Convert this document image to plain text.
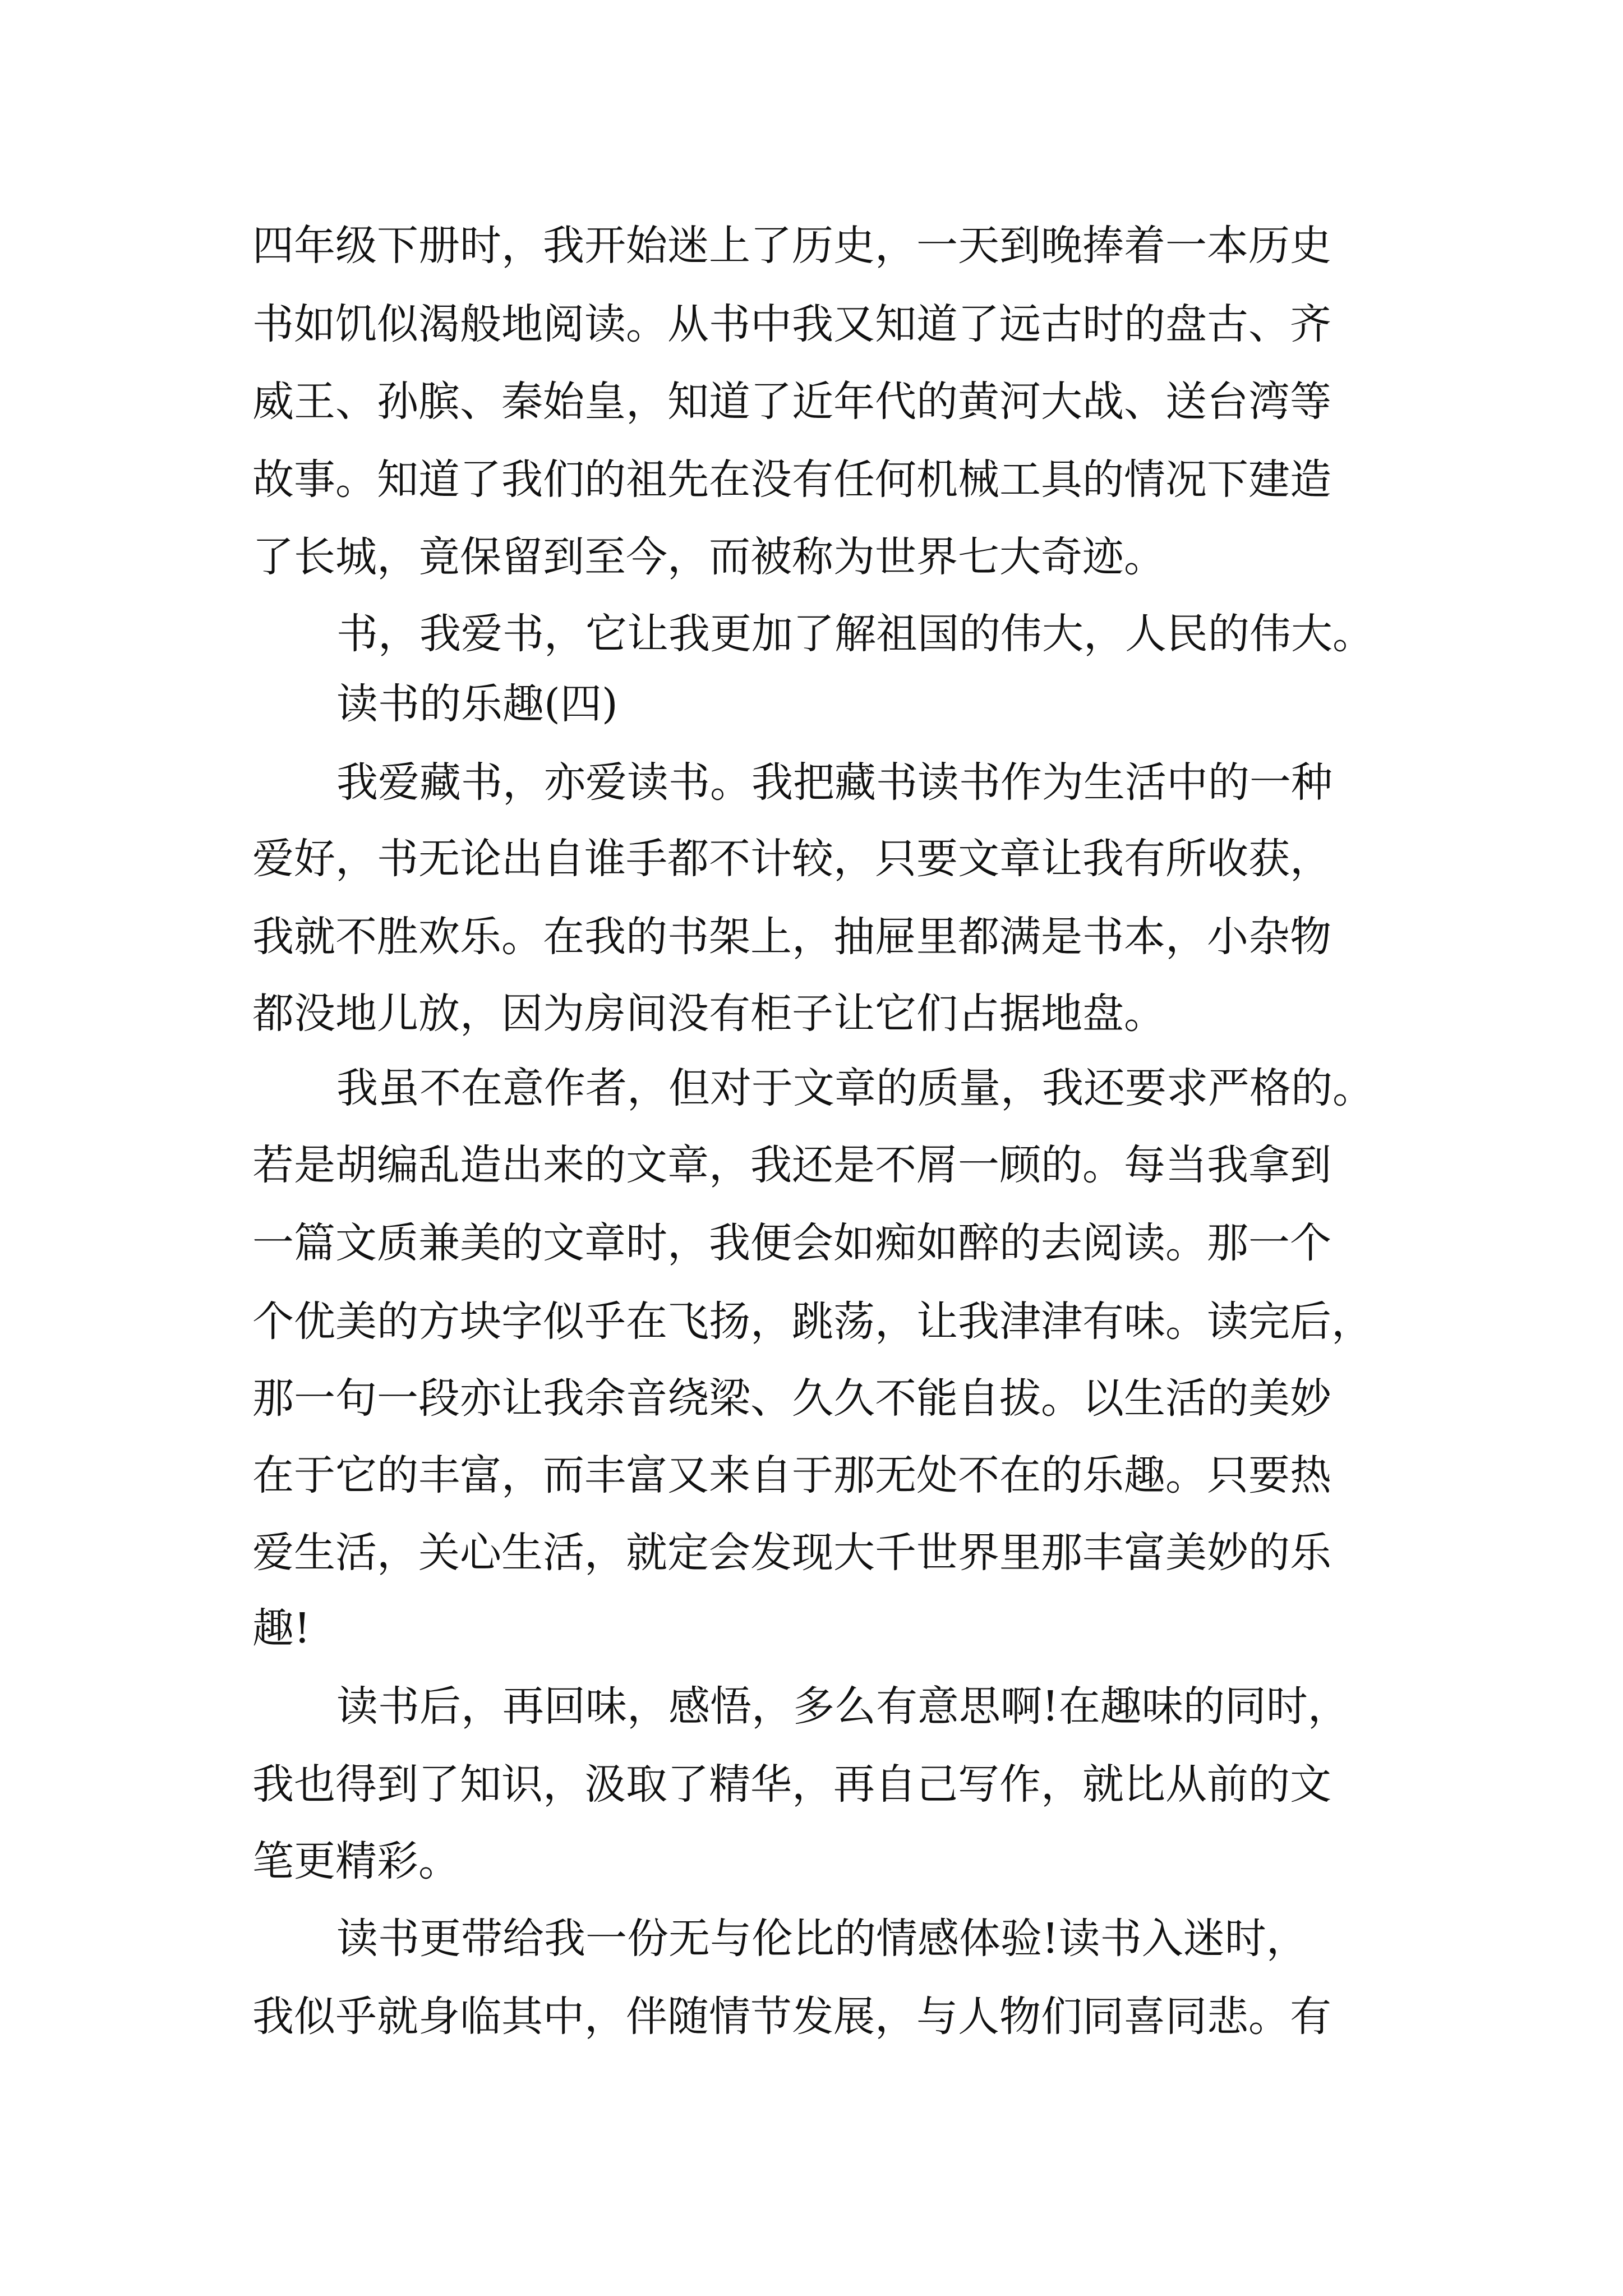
四年级下册时，我开始迷上了历史，一天到晚捧着一本历史
书如饥似渴般地阅读。从书中我又知道了远古时的盘古、齐
威王、孙膑、秦始皇，知道了近年代的黄河大战、送台湾等
故事。知道了我们的祖先在没有任何机械工具的情况下建造
了长城，竟保留到至今，而被称为世界七大奇迹。
书，我爱书，它让我更加了解祖国的伟大，人民的伟大。
读书的乐趣(四)
我爱藏书，亦爱读书。我把藏书读书作为生活中的一种
爱好，书无论出自谁手都不计较，只要文章让我有所收获，
我就不胜欢乐。在我的书架上，抽屉里都满是书本，小杂物
都没地儿放，因为房间没有柜子让它们占据地盘。
我虽不在意作者，但对于文章的质量，我还要求严格的。
若是胡编乱造出来的文章，我还是不屑一顾的。每当我拿到
一篇文质兼美的文章时，我便会如痴如醉的去阅读。那一个
个优美的方块字似乎在飞扬，跳荡，让我津津有味。读完后，
那一句一段亦让我余音绕梁、久久不能自拔。以生活的美妙
在于它的丰富，而丰富又来自于那无处不在的乐趣。只要热
爱生活，关心生活，就定会发现大千世界里那丰富美妙的乐
趣!
读书后，再回味，感悟，多么有意思啊!在趣味的同时，
我也得到了知识，汲取了精华，再自己写作，就比从前的文
笔更精彩。
读书更带给我一份无与伦比的情感体验!读书入迷时，
我似乎就身临其中，伴随情节发展，与人物们同喜同悲。有
